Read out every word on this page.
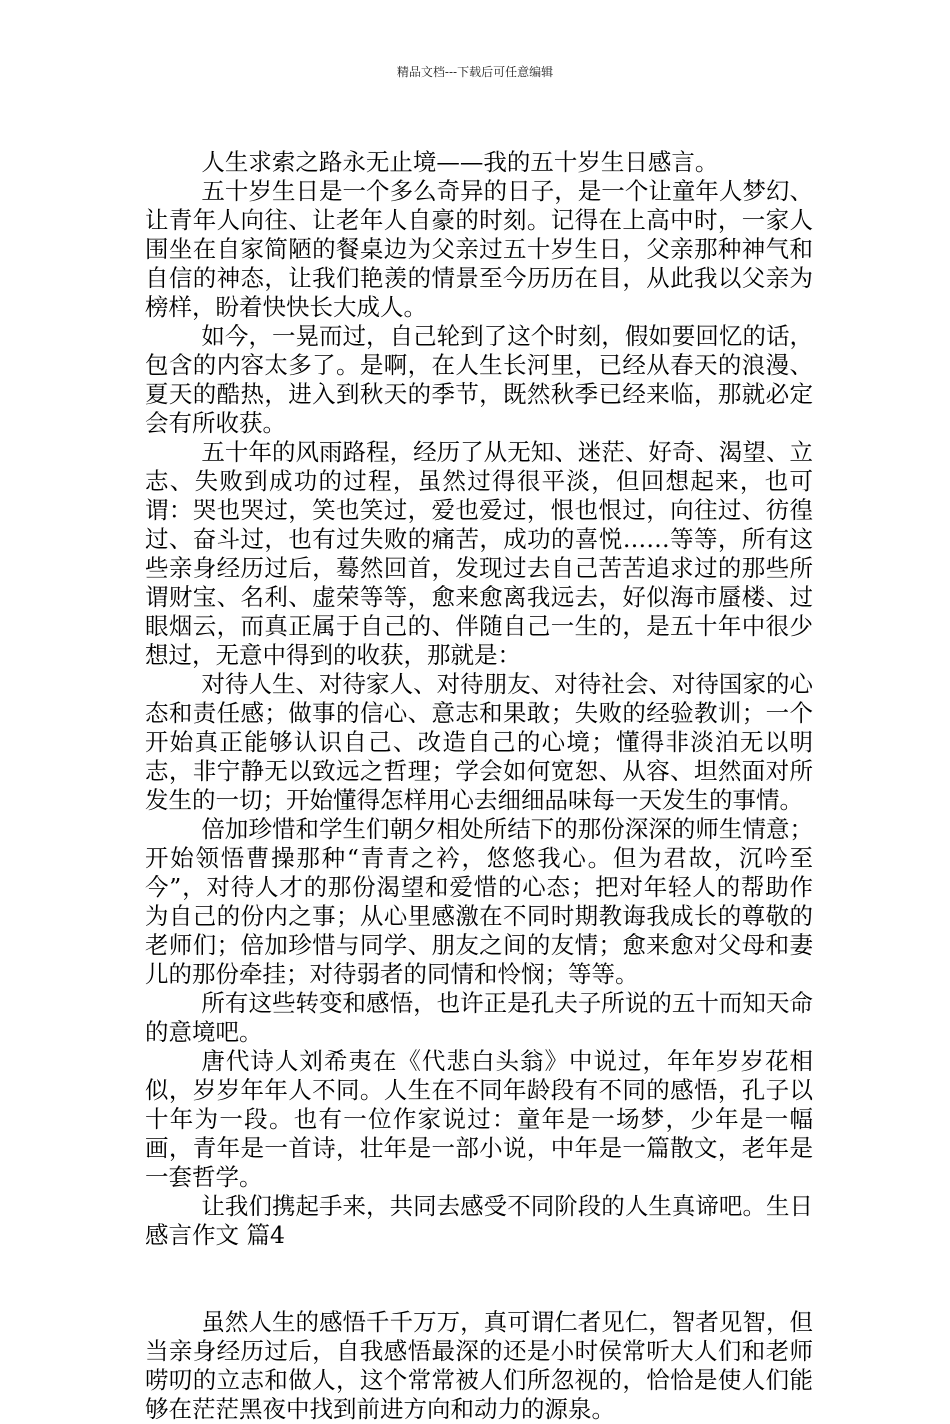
精品文档---下载后可任意编辑

人生求索之路永无止境——我的五十岁生日感言。

五十岁生日是一个多么奇异的日子，是一个让童年人梦幻、让青年人向往、让老年人自豪的时刻。记得在上高中时，一家人围坐在自家简陋的餐桌边为父亲过五十岁生日，父亲那种神气和自信的神态，让我们艳羡的情景至今历历在目，从此我以父亲为榜样，盼着快快长大成人。

如今，一晃而过，自己轮到了这个时刻，假如要回忆的话，包含的内容太多了。是啊，在人生长河里，已经从春天的浪漫、夏天的酷热，进入到秋天的季节，既然秋季已经来临，那就必定会有所收获。

五十年的风雨路程，经历了从无知、迷茫、好奇、渴望、立志、失败到成功的过程，虽然过得很平淡，但回想起来，也可谓：哭也哭过，笑也笑过，爱也爱过，恨也恨过，向往过、彷徨过、奋斗过，也有过失败的痛苦，成功的喜悦……等等，所有这些亲身经历过后，蓦然回首，发现过去自己苦苦追求过的那些所谓财宝、名利、虚荣等等，愈来愈离我远去，好似海市蜃楼、过眼烟云，而真正属于自己的、伴随自己一生的，是五十年中很少想过，无意中得到的收获，那就是：

对待人生、对待家人、对待朋友、对待社会、对待国家的心态和责任感；做事的信心、意志和果敢；失败的经验教训；一个开始真正能够认识自己、改造自己的心境；懂得非淡泊无以明志，非宁静无以致远之哲理；学会如何宽恕、从容、坦然面对所发生的一切；开始懂得怎样用心去细细品味每一天发生的事情。

倍加珍惜和学生们朝夕相处所结下的那份深深的师生情意；开始领悟曹操那种“青青之衿，悠悠我心。但为君故，沉吟至今”，对待人才的那份渴望和爱惜的心态；把对年轻人的帮助作为自己的份内之事；从心里感激在不同时期教诲我成长的尊敬的老师们；倍加珍惜与同学、朋友之间的友情；愈来愈对父母和妻儿的那份牵挂；对待弱者的同情和怜悯；等等。

所有这些转变和感悟，也许正是孔夫子所说的五十而知天命的意境吧。

唐代诗人刘希夷在《代悲白头翁》中说过，年年岁岁花相似，岁岁年年人不同。人生在不同年龄段有不同的感悟，孔子以十年为一段。也有一位作家说过：童年是一场梦，少年是一幅画，青年是一首诗，壮年是一部小说，中年是一篇散文，老年是一套哲学。

让我们携起手来，共同去感受不同阶段的人生真谛吧。生日感言作文 篇4

虽然人生的感悟千千万万，真可谓仁者见仁，智者见智，但当亲身经历过后，自我感悟最深的还是小时侯常听大人们和老师唠叨的立志和做人，这个常常被人们所忽视的，恰恰是使人们能够在茫茫黑夜中找到前进方向和动力的源泉。
